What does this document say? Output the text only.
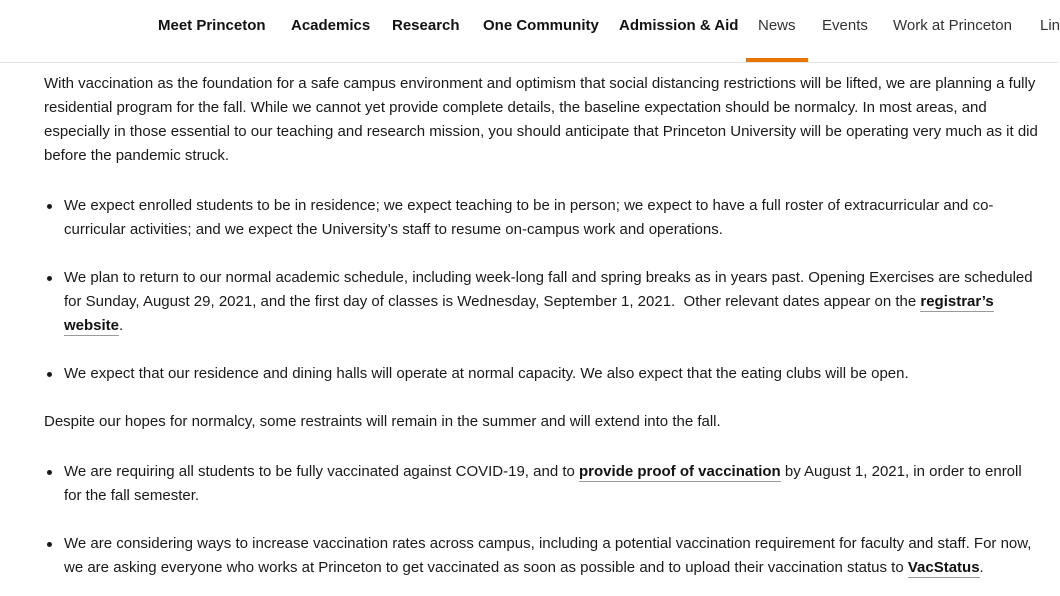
Meet Princeton Academics Research One Community Admission & Aid News Events Work at Princeton Lin

With vaccination as the foundation for a safe campus environment and optimism that social distancing restrictions will be lifted, we are planning a fully residential program for the fall. While we cannot yet provide complete details, the baseline expectation should be normalcy. In most areas, and especially in those essential to our teaching and research mission, you should anticipate that Princeton University will be operating very much as it did before the pandemic struck.

We expect enrolled students to be in residence; we expect teaching to be in person; we expect to have a full roster of extracurricular and co-curricular activities; and we expect the University’s staff to resume on-campus work and operations.
We plan to return to our normal academic schedule, including week-long fall and spring breaks as in years past. Opening Exercises are scheduled for Sunday, August 29, 2021, and the first day of classes is Wednesday, September 1, 2021.  Other relevant dates appear on the registrar’s website.
We expect that our residence and dining halls will operate at normal capacity. We also expect that the eating clubs will be open.

Despite our hopes for normalcy, some restraints will remain in the summer and will extend into the fall.

We are requiring all students to be fully vaccinated against COVID-19, and to provide proof of vaccination by August 1, 2021, in order to enroll for the fall semester.
We are considering ways to increase vaccination rates across campus, including a potential vaccination requirement for faculty and staff. For now, we are asking everyone who works at Princeton to get vaccinated as soon as possible and to upload their vaccination status to VacStatus.
